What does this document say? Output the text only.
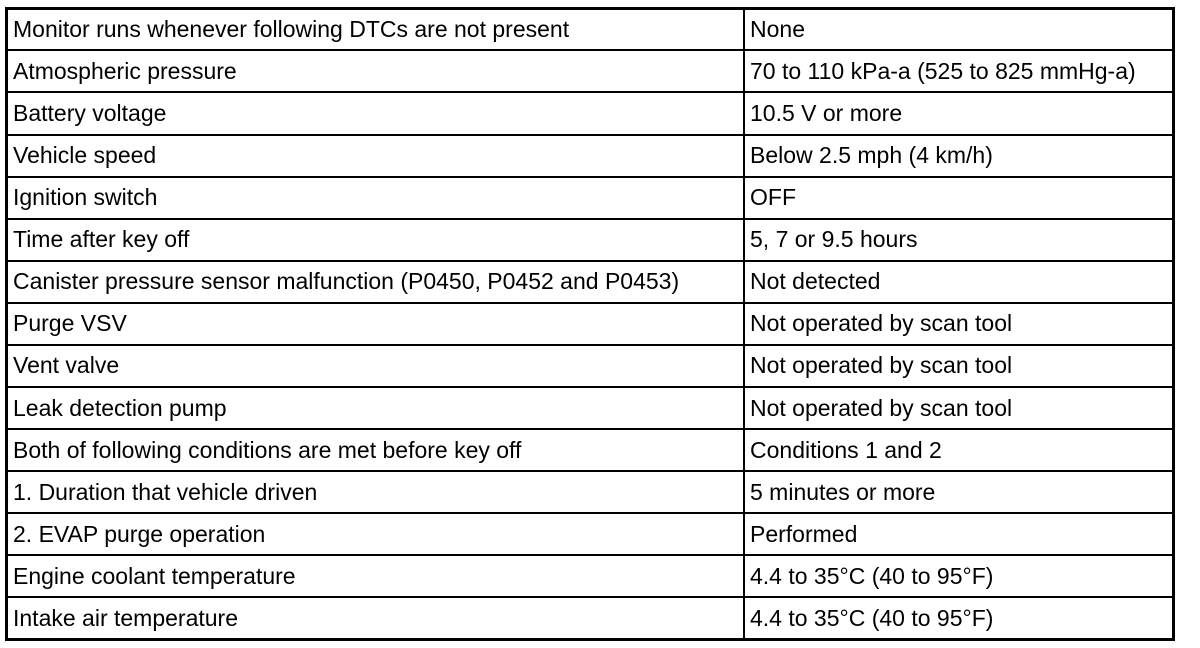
Monitor runs whenever following DTCs are not present	None
Atmospheric pressure	70 to 110 kPa-a (525 to 825 mmHg-a)
Battery voltage	10.5 V or more
Vehicle speed	Below 2.5 mph (4 km/h)
Ignition switch	OFF
Time after key off	5, 7 or 9.5 hours
Canister pressure sensor malfunction (P0450, P0452 and P0453)	Not detected
Purge VSV	Not operated by scan tool
Vent valve	Not operated by scan tool
Leak detection pump	Not operated by scan tool
Both of following conditions are met before key off	Conditions 1 and 2
1. Duration that vehicle driven	5 minutes or more
2. EVAP purge operation	Performed
Engine coolant temperature	4.4 to 35°C (40 to 95°F)
Intake air temperature	4.4 to 35°C (40 to 95°F)
